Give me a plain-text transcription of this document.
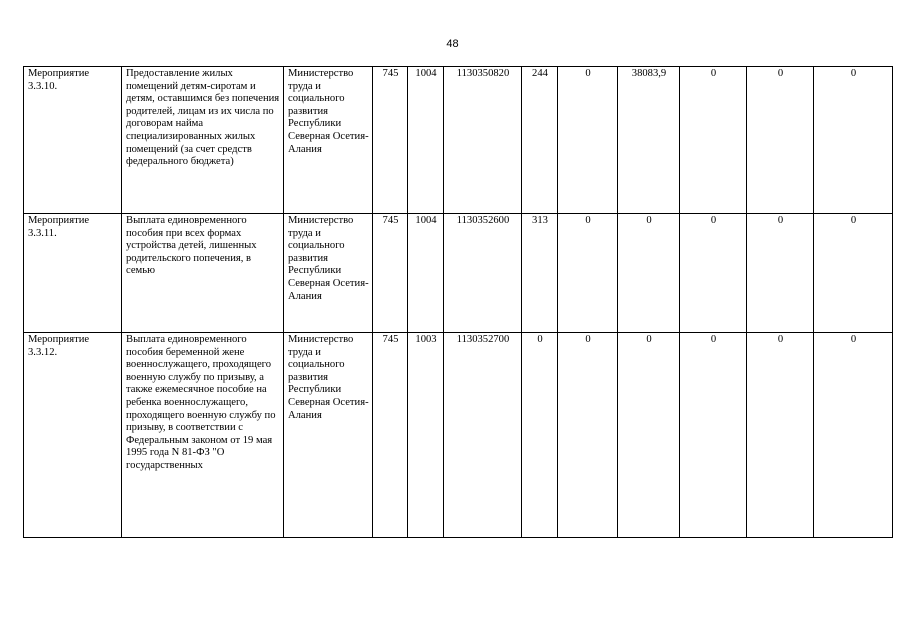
48
Мероприятие 3.3.10.	Предоставление жилых помещений детям-сиротам и детям, оставшимся без попечения родителей, лицам из их числа по договорам найма специализированных жилых помещений (за счет средств федерального бюджета)	Министерство труда и социального развития Республики Северная Осетия-Алания	745	1004	1130350820	244	0	38083,9	0	0	0
Мероприятие 3.3.11.	Выплата единовременного пособия при всех формах устройства детей, лишенных родительского попечения, в семью	Министерство труда и социального развития Республики Северная Осетия-Алания	745	1004	1130352600	313	0	0	0	0	0
Мероприятие 3.3.12.	Выплата единовременного пособия беременной жене военнослужащего, проходящего военную службу по призыву, а также ежемесячное пособие на ребенка военнослужащего, проходящего военную службу по призыву, в соответствии с Федеральным законом от 19 мая 1995 года N 81-ФЗ "О государственных	Министерство труда и социального развития Республики Северная Осетия-Алания	745	1003	1130352700	0	0	0	0	0	0
